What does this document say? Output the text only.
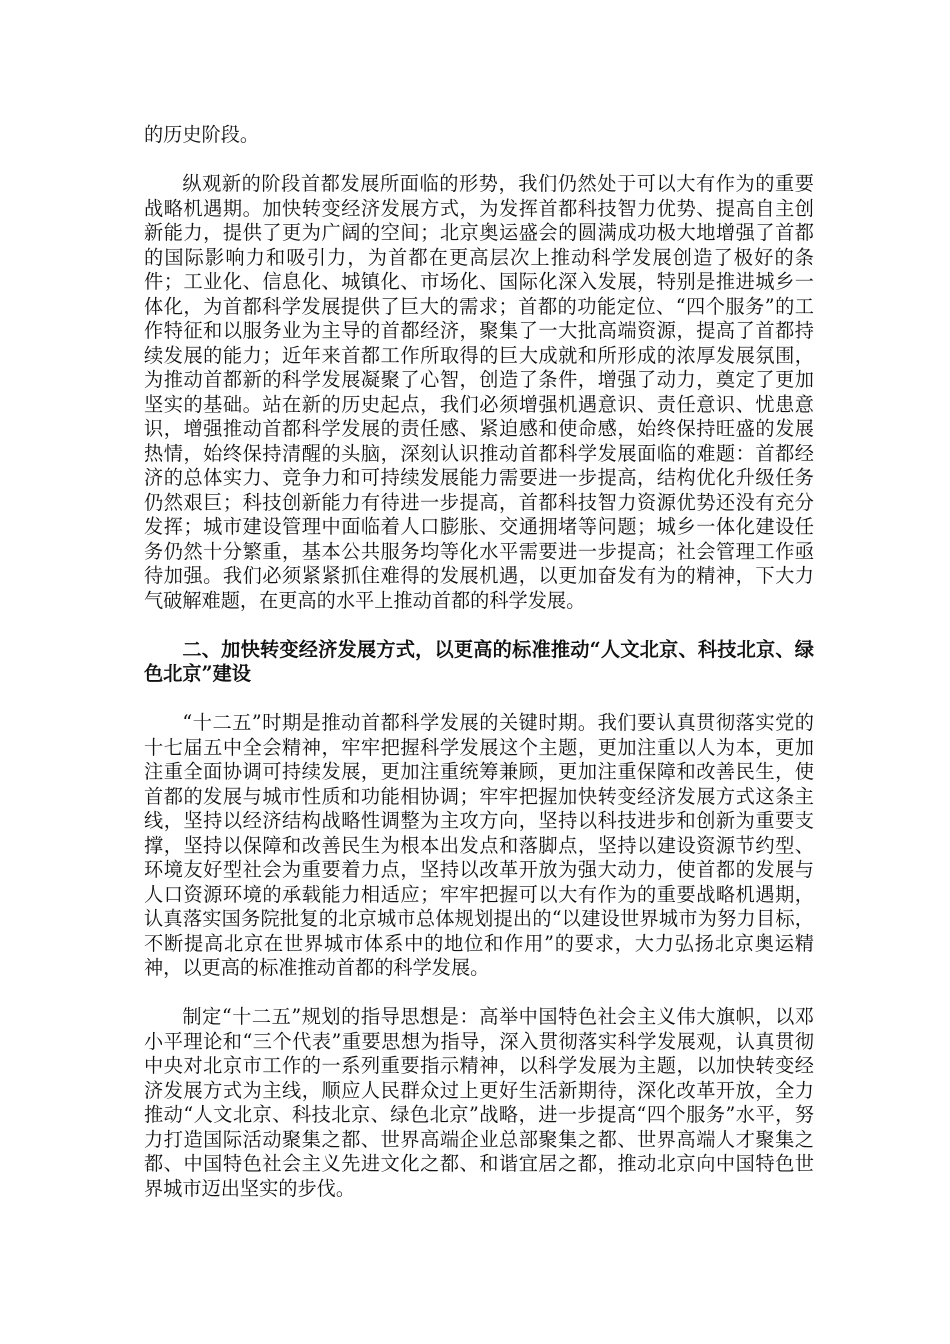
的历史阶段。

纵观新的阶段首都发展所面临的形势，我们仍然处于可以大有作为的重要战略机遇期。加快转变经济发展方式，为发挥首都科技智力优势、提高自主创新能力，提供了更为广阔的空间；北京奥运盛会的圆满成功极大地增强了首都的国际影响力和吸引力，为首都在更高层次上推动科学发展创造了极好的条件；工业化、信息化、城镇化、市场化、国际化深入发展，特别是推进城乡一体化，为首都科学发展提供了巨大的需求；首都的功能定位、“四个服务”的工作特征和以服务业为主导的首都经济，聚集了一大批高端资源，提高了首都持续发展的能力；近年来首都工作所取得的巨大成就和所形成的浓厚发展氛围，为推动首都新的科学发展凝聚了心智，创造了条件，增强了动力，奠定了更加坚实的基础。站在新的历史起点，我们必须增强机遇意识、责任意识、忧患意识，增强推动首都科学发展的责任感、紧迫感和使命感，始终保持旺盛的发展热情，始终保持清醒的头脑，深刻认识推动首都科学发展面临的难题：首都经济的总体实力、竞争力和可持续发展能力需要进一步提高，结构优化升级任务仍然艰巨；科技创新能力有待进一步提高，首都科技智力资源优势还没有充分发挥；城市建设管理中面临着人口膨胀、交通拥堵等问题；城乡一体化建设任务仍然十分繁重，基本公共服务均等化水平需要进一步提高；社会管理工作亟待加强。我们必须紧紧抓住难得的发展机遇，以更加奋发有为的精神，下大力气破解难题，在更高的水平上推动首都的科学发展。

二、加快转变经济发展方式，以更高的标准推动“人文北京、科技北京、绿色北京”建设

“十二五”时期是推动首都科学发展的关键时期。我们要认真贯彻落实党的十七届五中全会精神，牢牢把握科学发展这个主题，更加注重以人为本，更加注重全面协调可持续发展，更加注重统筹兼顾，更加注重保障和改善民生，使首都的发展与城市性质和功能相协调；牢牢把握加快转变经济发展方式这条主线，坚持以经济结构战略性调整为主攻方向，坚持以科技进步和创新为重要支撑，坚持以保障和改善民生为根本出发点和落脚点，坚持以建设资源节约型、环境友好型社会为重要着力点，坚持以改革开放为强大动力，使首都的发展与人口资源环境的承载能力相适应；牢牢把握可以大有作为的重要战略机遇期，认真落实国务院批复的北京城市总体规划提出的“以建设世界城市为努力目标，不断提高北京在世界城市体系中的地位和作用”的要求，大力弘扬北京奥运精神，以更高的标准推动首都的科学发展。

制定“十二五”规划的指导思想是：高举中国特色社会主义伟大旗帜，以邓小平理论和“三个代表”重要思想为指导，深入贯彻落实科学发展观，认真贯彻中央对北京市工作的一系列重要指示精神，以科学发展为主题，以加快转变经济发展方式为主线，顺应人民群众过上更好生活新期待，深化改革开放，全力推动“人文北京、科技北京、绿色北京”战略，进一步提高“四个服务”水平，努力打造国际活动聚集之都、世界高端企业总部聚集之都、世界高端人才聚集之都、中国特色社会主义先进文化之都、和谐宜居之都，推动北京向中国特色世界城市迈出坚实的步伐。
